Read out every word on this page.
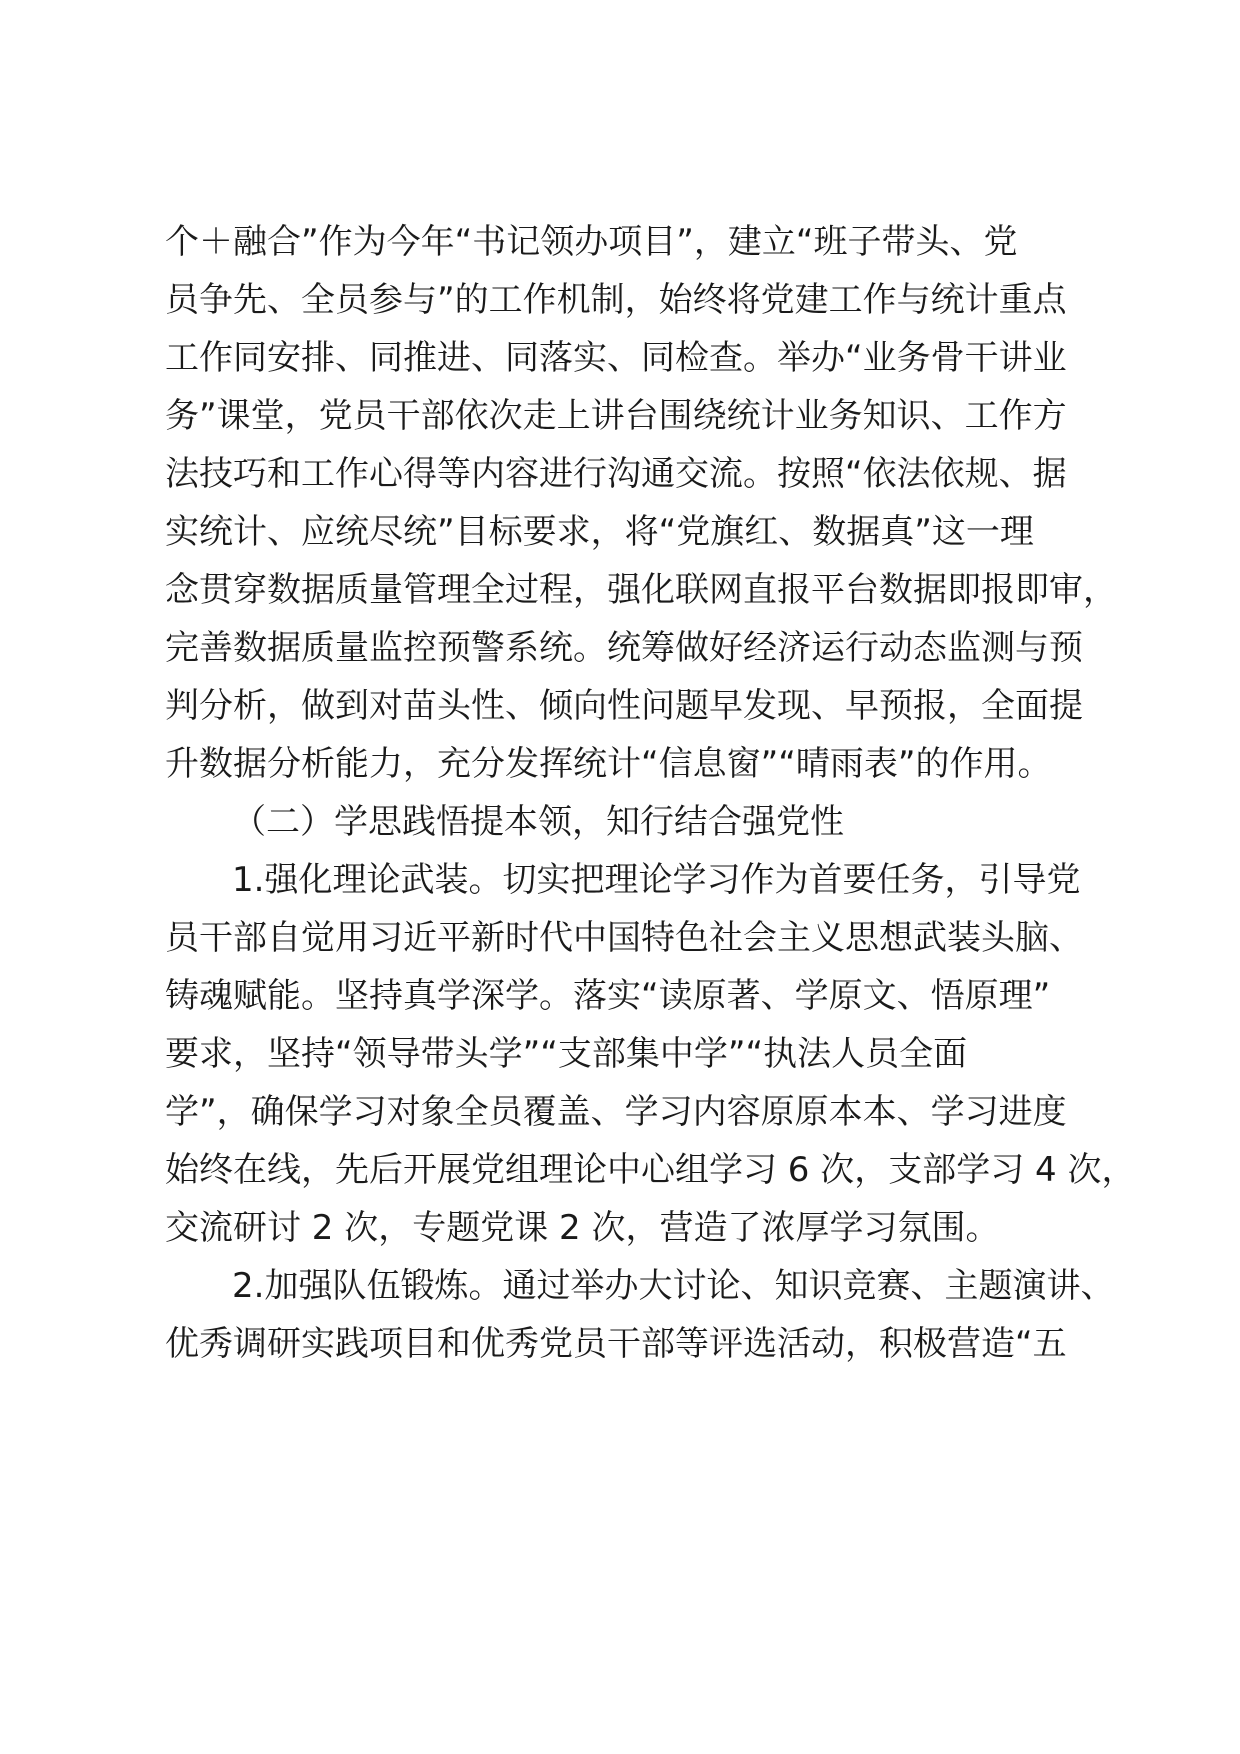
个＋融合”作为今年“书记领办项目”，建立“班子带头、党
员争先、全员参与”的工作机制，始终将党建工作与统计重点
工作同安排、同推进、同落实、同检查。举办“业务骨干讲业
务”课堂，党员干部依次走上讲台围绕统计业务知识、工作方
法技巧和工作心得等内容进行沟通交流。按照“依法依规、据
实统计、应统尽统”目标要求，将“党旗红、数据真”这一理
念贯穿数据质量管理全过程，强化联网直报平台数据即报即审，
完善数据质量监控预警系统。统筹做好经济运行动态监测与预
判分析，做到对苗头性、倾向性问题早发现、早预报，全面提
升数据分析能力，充分发挥统计“信息窗”“晴雨表”的作用。
（二）学思践悟提本领，知行结合强党性
1.强化理论武装。切实把理论学习作为首要任务，引导党
员干部自觉用习近平新时代中国特色社会主义思想武装头脑、
铸魂赋能。坚持真学深学。落实“读原著、学原文、悟原理”
要求，坚持“领导带头学”“支部集中学”“执法人员全面
学”，确保学习对象全员覆盖、学习内容原原本本、学习进度
始终在线，先后开展党组理论中心组学习 6 次，支部学习 4 次，
交流研讨 2 次，专题党课 2 次，营造了浓厚学习氛围。
2.加强队伍锻炼。通过举办大讨论、知识竞赛、主题演讲、
优秀调研实践项目和优秀党员干部等评选活动，积极营造“五
